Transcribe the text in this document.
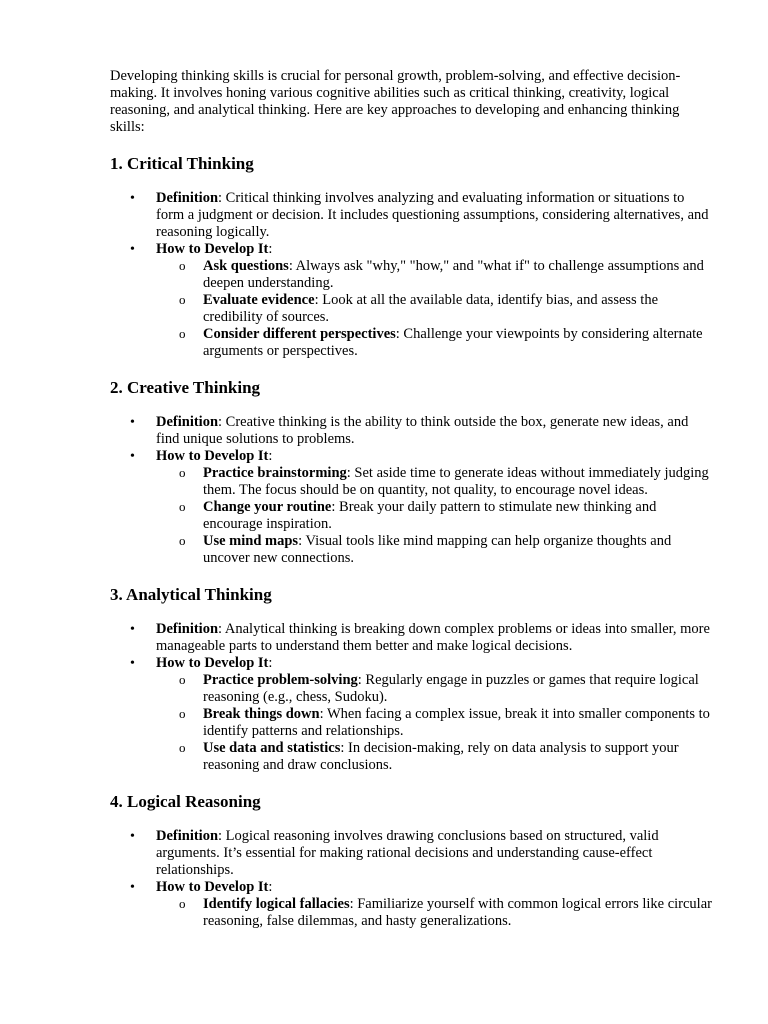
Developing thinking skills is crucial for personal growth, problem-solving, and effective decision-making. It involves honing various cognitive abilities such as critical thinking, creativity, logical reasoning, and analytical thinking. Here are key approaches to developing and enhancing thinking skills:

1. Critical Thinking
• Definition: Critical thinking involves analyzing and evaluating information or situations to form a judgment or decision. It includes questioning assumptions, considering alternatives, and reasoning logically.
• How to Develop It:
o Ask questions: Always ask "why," "how," and "what if" to challenge assumptions and deepen understanding.
o Evaluate evidence: Look at all the available data, identify bias, and assess the credibility of sources.
o Consider different perspectives: Challenge your viewpoints by considering alternate arguments or perspectives.
2. Creative Thinking
• Definition: Creative thinking is the ability to think outside the box, generate new ideas, and find unique solutions to problems.
• How to Develop It:
o Practice brainstorming: Set aside time to generate ideas without immediately judging them. The focus should be on quantity, not quality, to encourage novel ideas.
o Change your routine: Break your daily pattern to stimulate new thinking and encourage inspiration.
o Use mind maps: Visual tools like mind mapping can help organize thoughts and uncover new connections.
3. Analytical Thinking
• Definition: Analytical thinking is breaking down complex problems or ideas into smaller, more manageable parts to understand them better and make logical decisions.
• How to Develop It:
o Practice problem-solving: Regularly engage in puzzles or games that require logical reasoning (e.g., chess, Sudoku).
o Break things down: When facing a complex issue, break it into smaller components to identify patterns and relationships.
o Use data and statistics: In decision-making, rely on data analysis to support your reasoning and draw conclusions.
4. Logical Reasoning
• Definition: Logical reasoning involves drawing conclusions based on structured, valid arguments. It’s essential for making rational decisions and understanding cause-effect relationships.
• How to Develop It:
o Identify logical fallacies: Familiarize yourself with common logical errors like circular reasoning, false dilemmas, and hasty generalizations.
